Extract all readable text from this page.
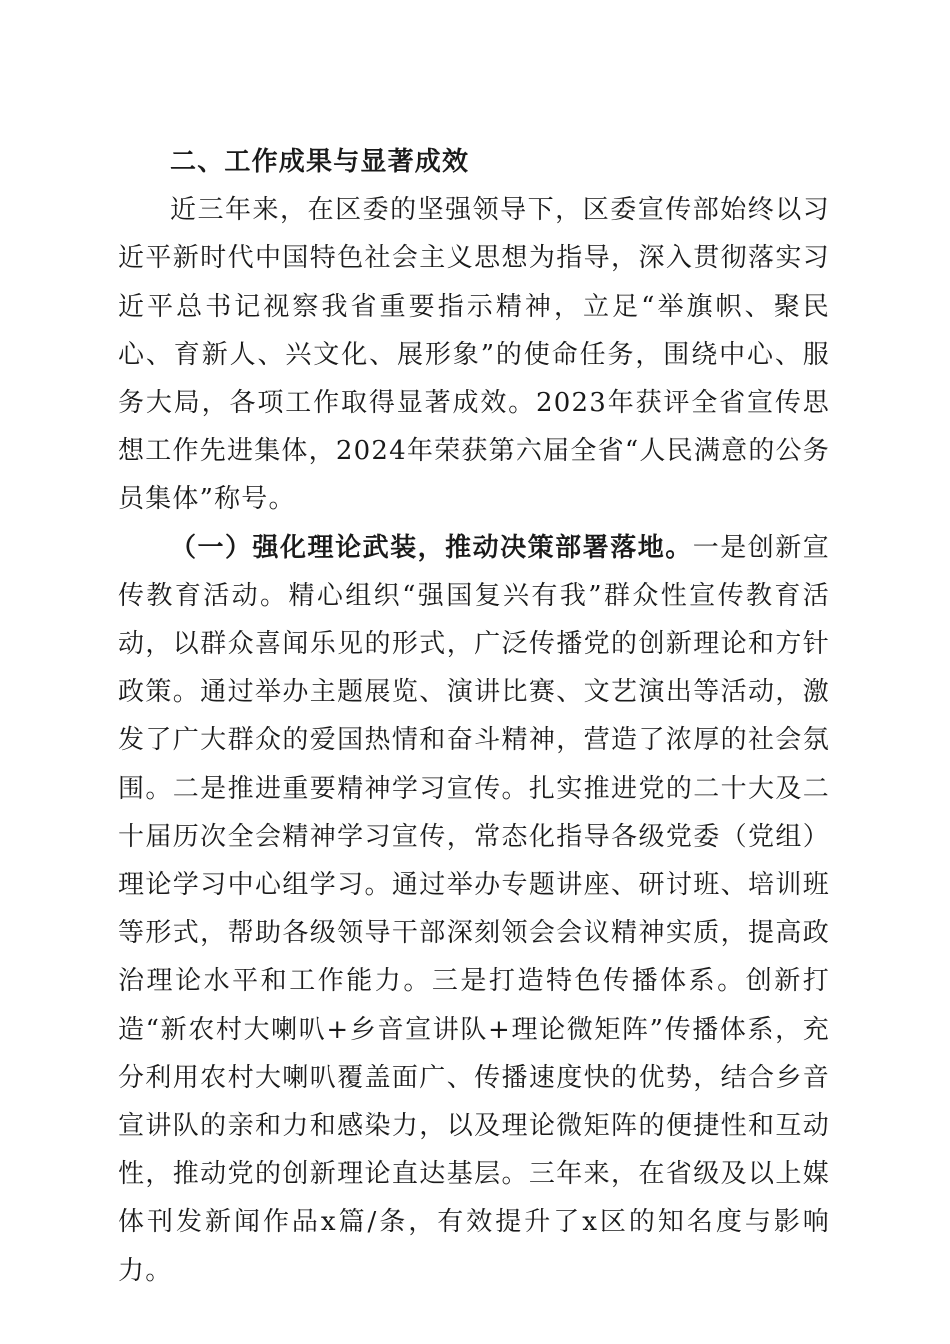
二、工作成果与显著成效

近三年来，在区委的坚强领导下，区委宣传部始终以习近平新时代中国特色社会主义思想为指导，深入贯彻落实习近平总书记视察我省重要指示精神，立足“举旗帜、聚民心、育新人、兴文化、展形象”的使命任务，围绕中心、服务大局，各项工作取得显著成效。2023年获评全省宣传思想工作先进集体，2024年荣获第六届全省“人民满意的公务员集体”称号。

（一）强化理论武装，推动决策部署落地。一是创新宣传教育活动。精心组织“强国复兴有我”群众性宣传教育活动，以群众喜闻乐见的形式，广泛传播党的创新理论和方针政策。通过举办主题展览、演讲比赛、文艺演出等活动，激发了广大群众的爱国热情和奋斗精神，营造了浓厚的社会氛围。二是推进重要精神学习宣传。扎实推进党的二十大及二十届历次全会精神学习宣传，常态化指导各级党委（党组）理论学习中心组学习。通过举办专题讲座、研讨班、培训班等形式，帮助各级领导干部深刻领会会议精神实质，提高政治理论水平和工作能力。三是打造特色传播体系。创新打造“新农村大喇叭+乡音宣讲队+理论微矩阵”传播体系，充分利用农村大喇叭覆盖面广、传播速度快的优势，结合乡音宣讲队的亲和力和感染力，以及理论微矩阵的便捷性和互动性，推动党的创新理论直达基层。三年来，在省级及以上媒体刊发新闻作品x篇/条，有效提升了x区的知名度与影响力。
